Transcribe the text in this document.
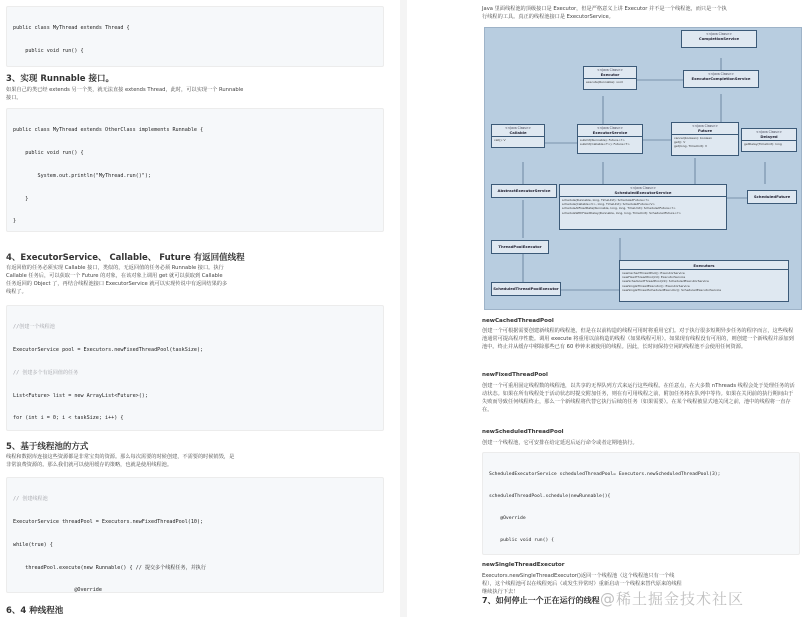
public class MyThread extends Thread {

public void run() {

3、实现 Runnable 接口。
如果自己的类已经 extends 另一个类，就无法直接 extends Thread，此时，可以实现一个 Runnable 接口。

public class MyThread extends OtherClass implements Runnable {

public void run() {

System.out.println("MyThread.run()");

}

}

4、ExecutorService、 Callable、 Future 有返回值线程
有返回值的任务必须实现 Callable 接口，类似的，无返回值的任务必须 Runnable 接口。执行 Callable 任务后，可以获取一个 Future 的对象，在该对象上调用 get 就可以获取到 Callable 任务返回的 Object 了，再结合线程池接口 ExecutorService 就可以实现传说中有返回结果的多线程了。

//创建一个线程池

ExecutorService pool = Executors.newFixedThreadPool(taskSize);

// 创建多个有返回值的任务

List<Future> list = new ArrayList<Future>();

for (int i = 0; i < taskSize; i++) {

5、基于线程池的方式
线程和数据库连接这些资源都是非常宝贵的资源。那么每次需要的时候创建，不需要的时候销毁，是非常浪费资源的。那么我们就可以使用缓存的策略，也就是使用线程池。

// 创建线程池

ExecutorService threadPool = Executors.newFixedThreadPool(10);

while(true) {

threadPool.execute(new Runnable() { // 提交多个线程任务，并执行

@Override

6、4 种线程池
Java 里面线程池的顶级接口是 Executor，但是严格意义上讲 Executor 并不是一个线程池，而只是一个执行线程的工具。真正的线程池接口是 ExecutorService。
<<Java Class>>
CompletionService
<<Java Class>>
Executor
execute(Runnable): void
<<Java Class>>
ExecutorCompletionService
<<Java Class>>
Callable
call(): V
<<Java Class>>
ExecutorService
submit(Runnable): Future<?>
submit(Callable<T>): Future<T>
<<Java Class>>
Future
cancel(boolean): boolean
get(): V
get(long, TimeUnit): V
<<Java Class>>
Delayed
getDelay(TimeUnit): long
AbstractExecutorService	<<Java Class>>
ScheduledExecutorService
schedule(Runnable, long, TimeUnit): ScheduledFuture<?>
schedule(Callable<V>, long, TimeUnit): ScheduledFuture<V>
scheduleAtFixedRate(Runnable, long, long, TimeUnit): ScheduledFuture<?>
scheduleWithFixedDelay(Runnable, long, long, TimeUnit): ScheduledFuture<?>
ScheduledFuture
ThreadPoolExecutor
Executors
newCachedThreadPool(): ExecutorService
newFixedThreadPool(int): ExecutorService
newScheduledThreadPool(int): ScheduledExecutorService
newSingleThreadExecutor(): ExecutorService
newSingleThreadScheduledExecutor(): ScheduledExecutorService
ScheduledThreadPoolExecutor
newCachedThreadPool
创建一个可根据需要创建新线程的线程池，但是在以前构造的线程可用时将重用它们。对于执行很多短期异步任务的程序而言，这些线程池通常可提高程序性能。调用 execute 将重用以前构造的线程（如果线程可用）。如果现有线程没有可用的，则创建一个新线程并添加到池中。终止并从缓存中移除那些已有 60 秒钟未被使用的线程。因此，长时间保持空闲的线程池不会使用任何资源。
newFixedThreadPool
创建一个可重用固定线程数的线程池，以共享的无界队列方式来运行这些线程。在任意点，在大多数 nThreads 线程会处于处理任务的活动状态。如果在所有线程处于活动状态时提交附加任务，则在有可用线程之前，附加任务将在队列中等待。如果在关闭前的执行期间由于失败而导致任何线程终止，那么一个新线程将代替它执行后续的任务（如果需要）。在某个线程被显式地关闭之前，池中的线程将一直存在。
newScheduledThreadPool
创建一个线程池，它可安排在给定延迟后运行命令或者定期地执行。

ScheduledExecutorService scheduledThreadPool= Executors.newScheduledThreadPool(3);

scheduledThreadPool.schedule(newRunnable(){

@Override

public void run() {

newSingleThreadExecutor
Executors.newSingleThreadExecutor()返回一个线程池（这个线程池只有一个线程），这个线程池可以在线程死后（或发生异常时）重新启动一个线程来替代原来的线程继续执行下去！
7、如何停止一个正在运行的线程 @稀土掘金技术社区
